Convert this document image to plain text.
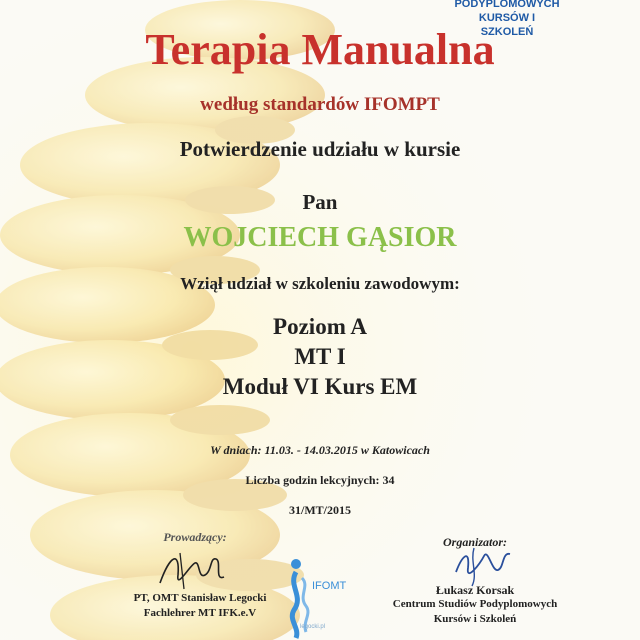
PODYPLOMOWYCH
KURSÓW I SZKOLEŃ
Terapia Manualna
według standardów IFOMPT
Potwierdzenie udziału w kursie
Pan
WOJCIECH GĄSIOR
Wziął udział w szkoleniu zawodowym:
Poziom A
MT I
Moduł VI Kurs EM
W dniach: 11.03. - 14.03.2015 w Katowicach
Liczba godzin lekcyjnych: 34
31/MT/2015
Prowadzący:
PT, OMT Stanisław Legocki
Fachlehrer MT IFK.e.V
IFOMT
legocki.pl
Organizator:
Łukasz Korsak
Centrum Studiów Podyplomowych
Kursów i Szkoleń
